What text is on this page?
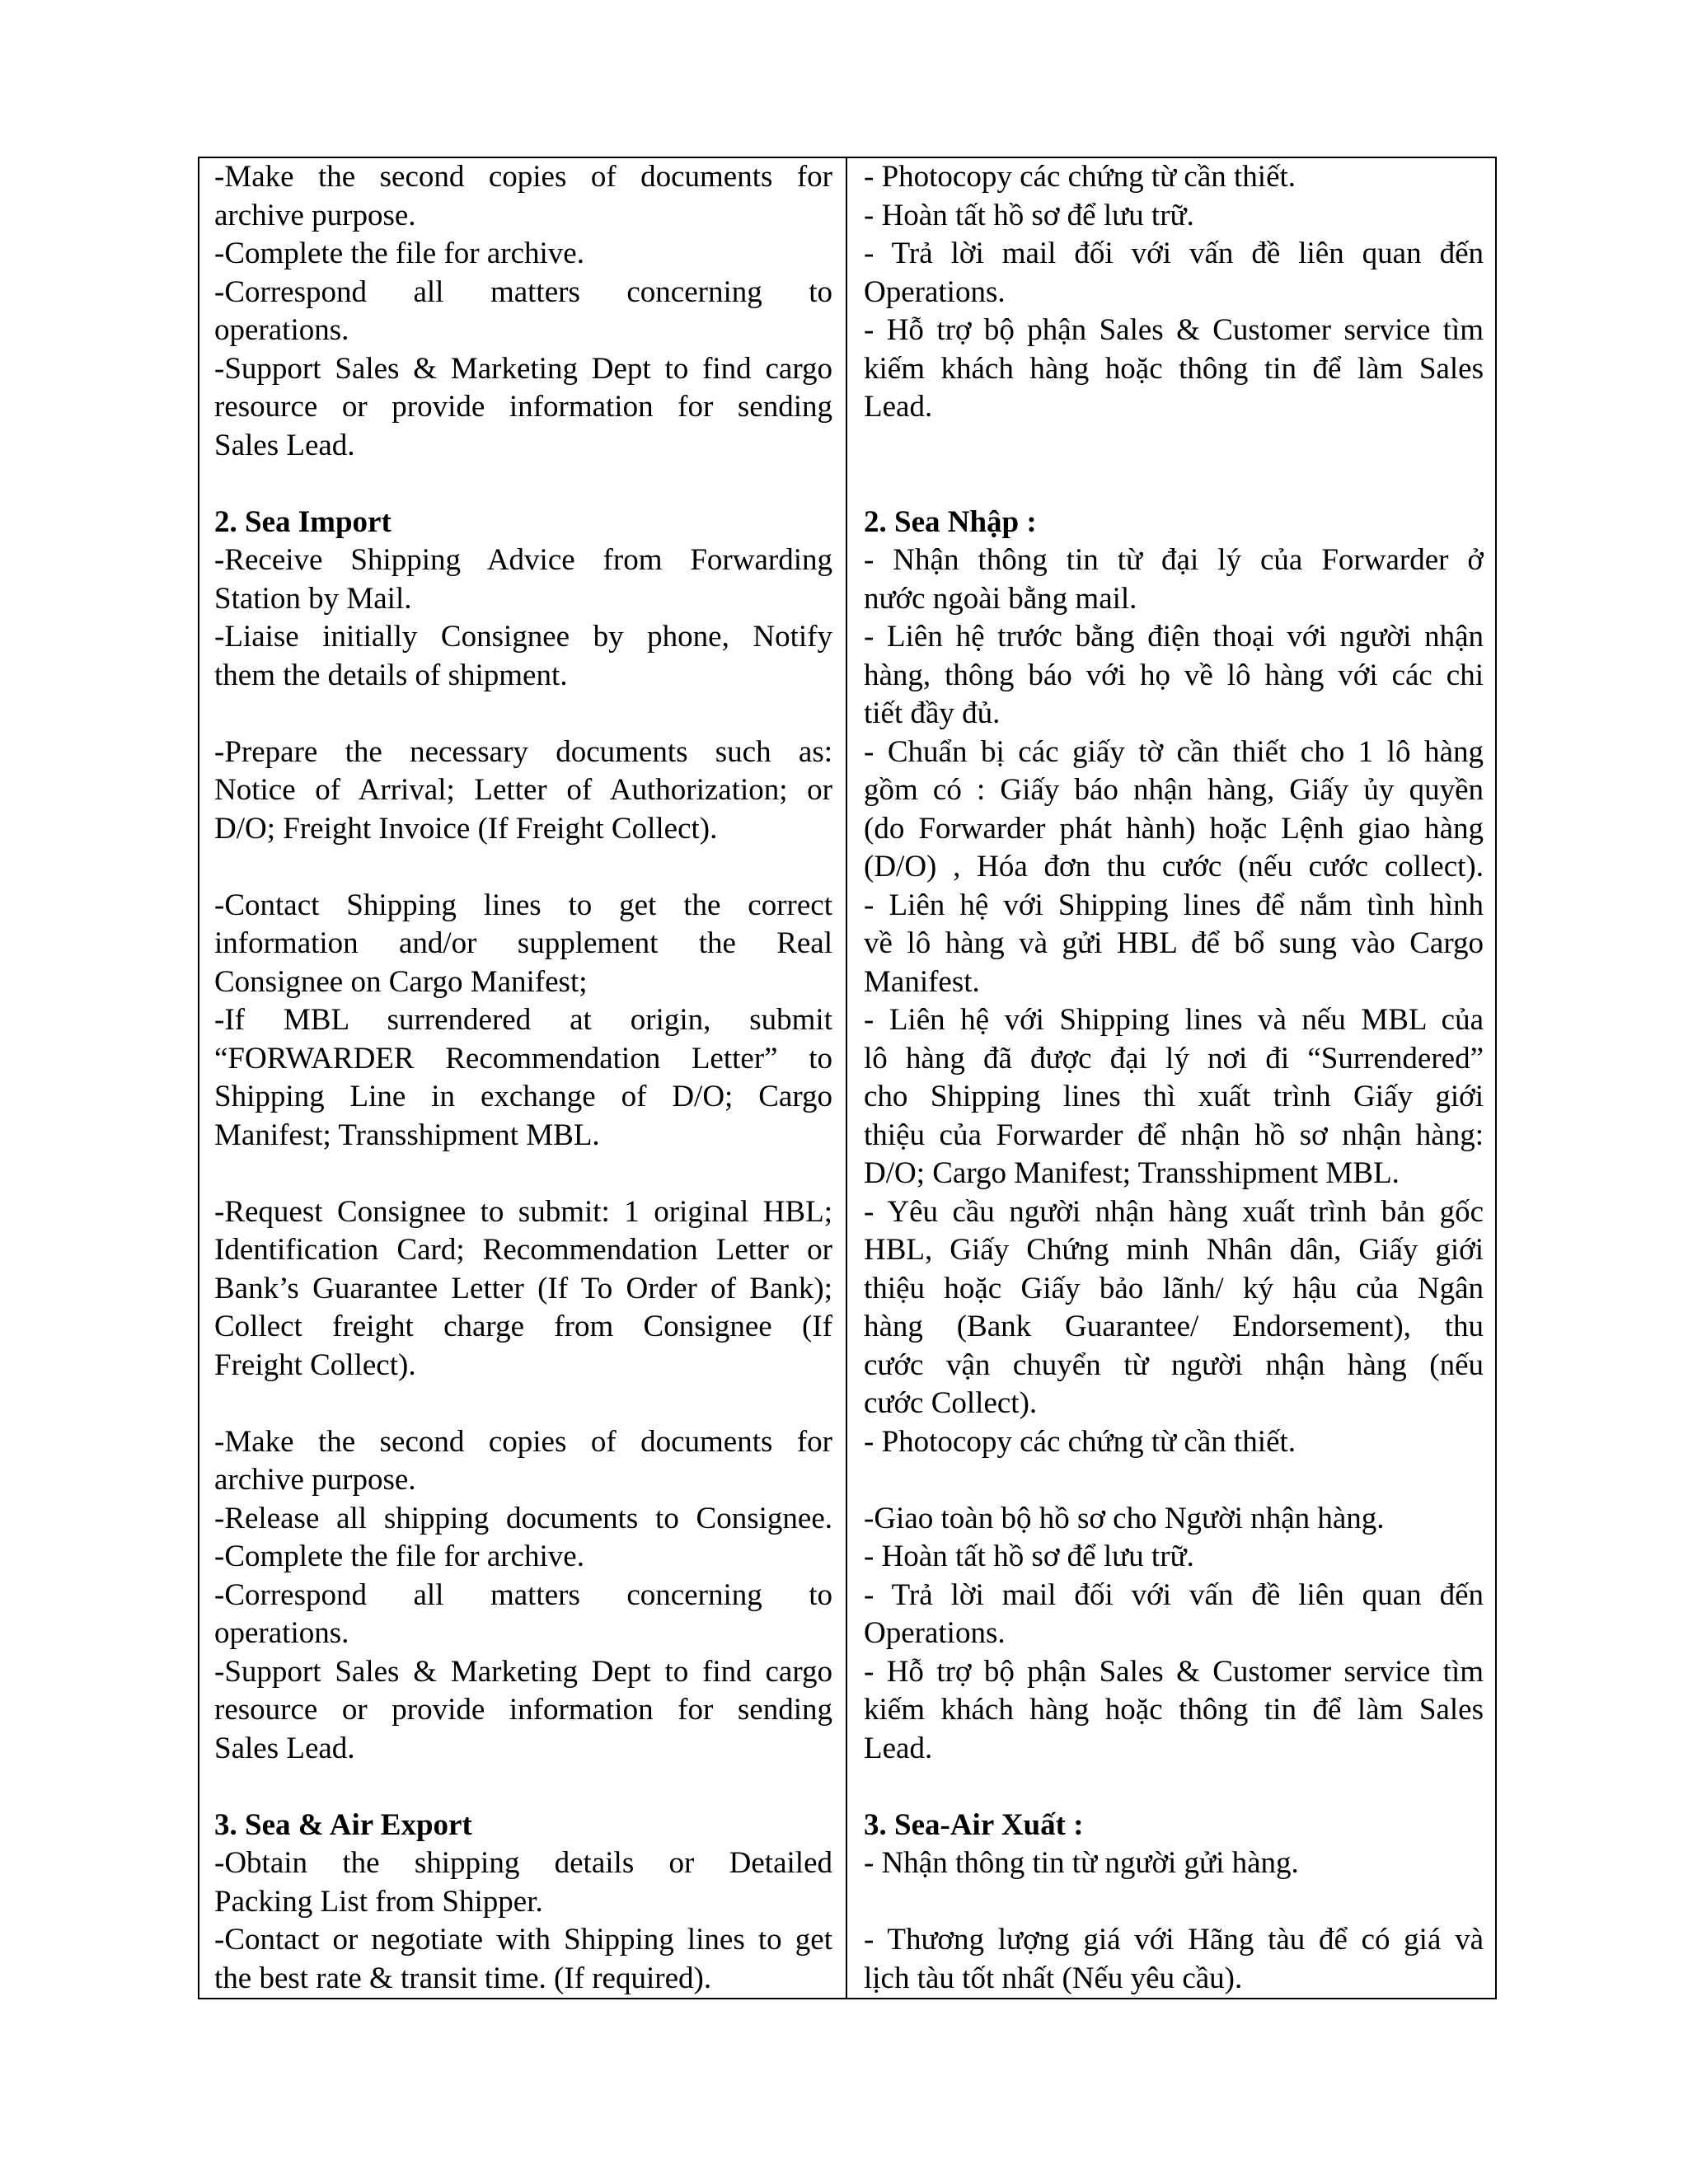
-Make the second copies of documents for
archive purpose.
-Complete the file for archive.
-Correspond all matters concerning to
operations.
-Support Sales & Marketing Dept to find cargo
resource or provide information for sending
Sales Lead.
2. Sea Import
-Receive Shipping Advice from Forwarding
Station by Mail.
-Liaise initially Consignee by phone, Notify
them the details of shipment.
-Prepare the necessary documents such as:
Notice of Arrival; Letter of Authorization; or
D/O; Freight Invoice (If Freight Collect).
-Contact Shipping lines to get the correct
information and/or supplement the Real
Consignee on Cargo Manifest;
-If MBL surrendered at origin, submit
“FORWARDER Recommendation Letter” to
Shipping Line in exchange of D/O; Cargo
Manifest; Transshipment MBL.
-Request Consignee to submit: 1 original HBL;
Identification Card; Recommendation Letter or
Bank’s Guarantee Letter (If To Order of Bank);
Collect freight charge from Consignee (If
Freight Collect).
-Make the second copies of documents for
archive purpose.
-Release all shipping documents to Consignee.
-Complete the file for archive.
-Correspond all matters concerning to
operations.
-Support Sales & Marketing Dept to find cargo
resource or provide information for sending
Sales Lead.
3. Sea & Air Export
-Obtain the shipping details or Detailed
Packing List from Shipper.
-Contact or negotiate with Shipping lines to get
the best rate & transit time. (If required).
- Photocopy các chứng từ cần thiết.
- Hoàn tất hồ sơ để lưu trữ.
- Trả lời mail đối với vấn đề liên quan đến
Operations.
- Hỗ trợ bộ phận Sales & Customer service tìm
kiếm khách hàng hoặc thông tin để làm Sales
Lead.
2. Sea Nhập :
- Nhận thông tin từ đại lý của Forwarder ở
nước ngoài bằng mail.
- Liên hệ trước bằng điện thoại với người nhận
hàng, thông báo với họ về lô hàng với các chi
tiết đầy đủ.
- Chuẩn bị các giấy tờ cần thiết cho 1 lô hàng
gồm có : Giấy báo nhận hàng, Giấy ủy quyền
(do Forwarder phát hành) hoặc Lệnh giao hàng
(D/O) , Hóa đơn thu cước (nếu cước collect).
- Liên hệ với Shipping lines để nắm tình hình
về lô hàng và gửi HBL để bổ sung vào Cargo
Manifest.
- Liên hệ với Shipping lines và nếu MBL của
lô hàng đã được đại lý nơi đi “Surrendered”
cho Shipping lines thì xuất trình Giấy giới
thiệu của Forwarder để nhận hồ sơ nhận hàng:
D/O; Cargo Manifest; Transshipment MBL.
- Yêu cầu người nhận hàng xuất trình bản gốc
HBL, Giấy Chứng minh Nhân dân, Giấy giới
thiệu hoặc Giấy bảo lãnh/ ký hậu của Ngân
hàng (Bank Guarantee/ Endorsement), thu
cước vận chuyển từ người nhận hàng (nếu
cước Collect).
- Photocopy các chứng từ cần thiết.
-Giao toàn bộ hồ sơ cho Người nhận hàng.
- Hoàn tất hồ sơ để lưu trữ.
- Trả lời mail đối với vấn đề liên quan đến
Operations.
- Hỗ trợ bộ phận Sales & Customer service tìm
kiếm khách hàng hoặc thông tin để làm Sales
Lead.
3. Sea-Air Xuất :
- Nhận thông tin từ người gửi hàng.
- Thương lượng giá với Hãng tàu để có giá và
lịch tàu tốt nhất (Nếu yêu cầu).
